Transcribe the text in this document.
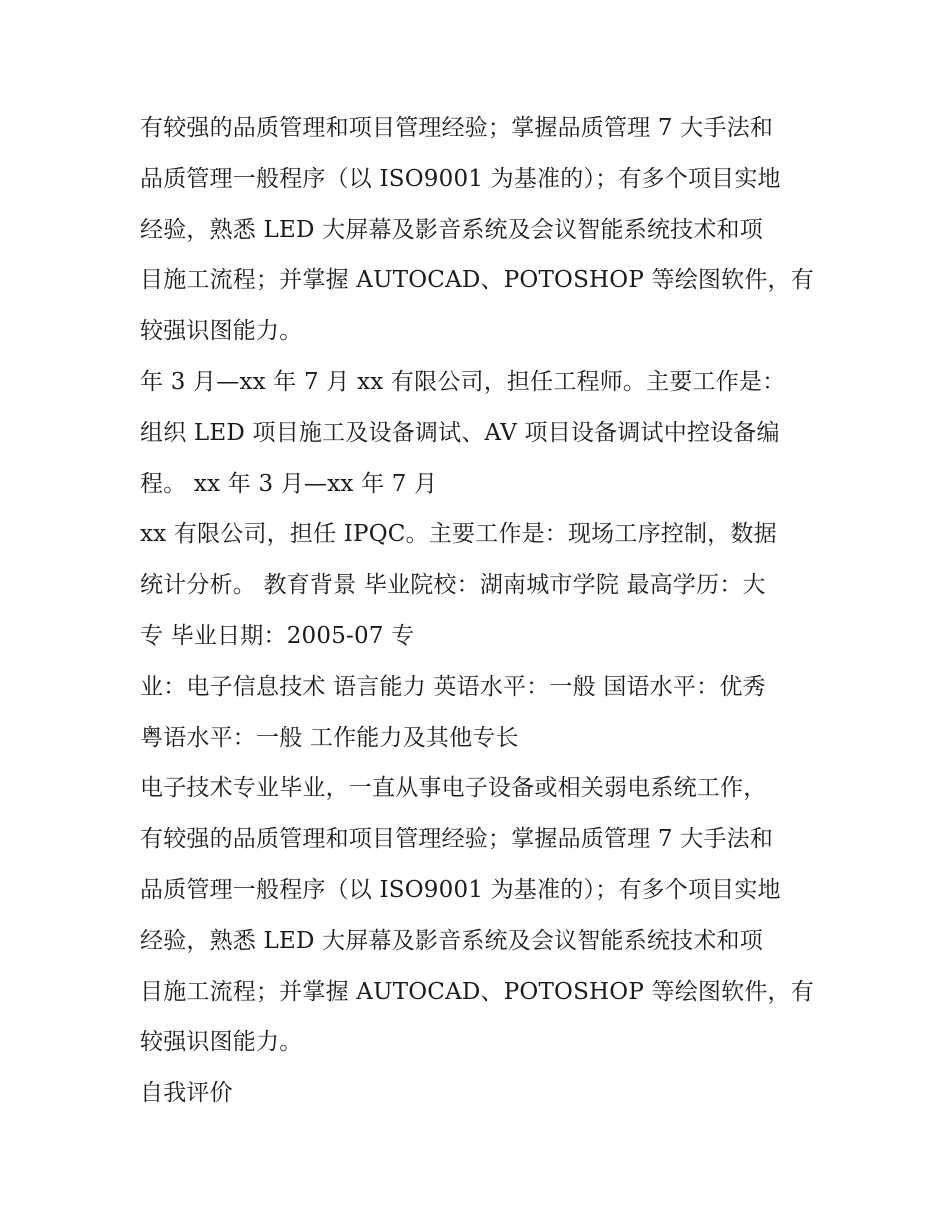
有较强的品质管理和项目管理经验；掌握品质管理 7 大手法和
品质管理一般程序（以 ISO9001 为基准的）；有多个项目实地
经验，熟悉 LED 大屏幕及影音系统及会议智能系统技术和项
目施工流程；并掌握 AUTOCAD、POTOSHOP 等绘图软件，有
较强识图能力。
年 3 月—xx 年 7 月 xx 有限公司，担任工程师。主要工作是：
组织 LED 项目施工及设备调试、AV 项目设备调试中控设备编
程。 xx 年 3 月—xx 年 7 月
xx 有限公司，担任 IPQC。主要工作是：现场工序控制，数据
统计分析。 教育背景 毕业院校：湖南城市学院 最高学历：大
专 毕业日期：2005-07 专
业：电子信息技术 语言能力 英语水平：一般 国语水平：优秀
粤语水平：一般 工作能力及其他专长
电子技术专业毕业，一直从事电子设备或相关弱电系统工作，
有较强的品质管理和项目管理经验；掌握品质管理 7 大手法和
品质管理一般程序（以 ISO9001 为基准的）；有多个项目实地
经验，熟悉 LED 大屏幕及影音系统及会议智能系统技术和项
目施工流程；并掌握 AUTOCAD、POTOSHOP 等绘图软件，有
较强识图能力。
自我评价
